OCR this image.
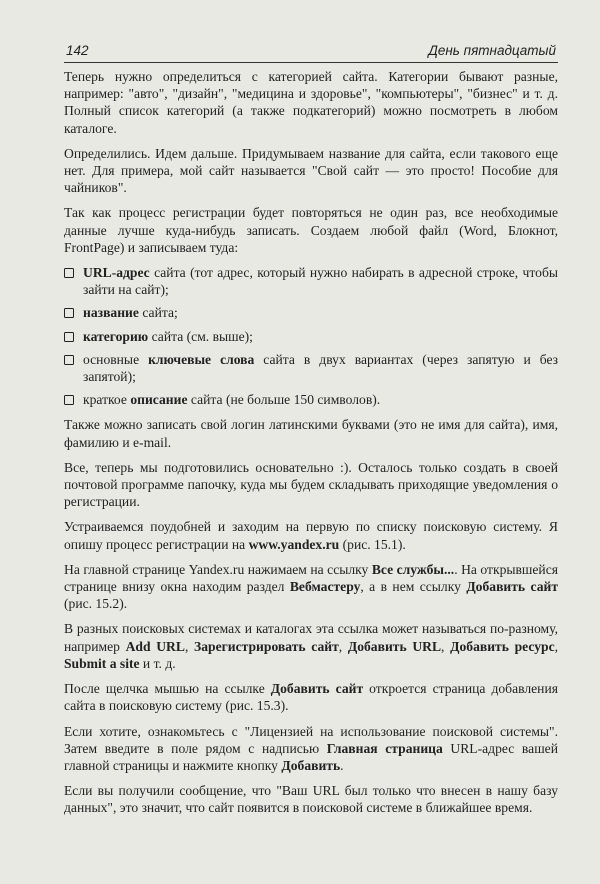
142	День пятнадцатый

Теперь нужно определиться с категорией сайта. Категории бывают разные, например: "авто", "дизайн", "медицина и здоровье", "компьютеры", "бизнес" и т. д. Полный список категорий (а также подкатегорий) можно посмотреть в любом каталоге.

Определились. Идем дальше. Придумываем название для сайта, если такового еще нет. Для примера, мой сайт называется "Свой сайт — это просто! Пособие для чайников".

Так как процесс регистрации будет повторяться не один раз, все необходимые данные лучше куда-нибудь записать. Создаем любой файл (Word, Блокнот, FrontPage) и записываем туда:

URL-адрес сайта (тот адрес, который нужно набирать в адресной строке, чтобы зайти на сайт);
название сайта;
категорию сайта (см. выше);
основные ключевые слова сайта в двух вариантах (через запятую и без запятой);
краткое описание сайта (не больше 150 символов).

Также можно записать свой логин латинскими буквами (это не имя для сайта), имя, фамилию и e-mail.

Все, теперь мы подготовились основательно :). Осталось только создать в своей почтовой программе папочку, куда мы будем складывать приходящие уведомления о регистрации.

Устраиваемся поудобней и заходим на первую по списку поисковую систему. Я опишу процесс регистрации на www.yandex.ru (рис. 15.1).

На главной странице Yandex.ru нажимаем на ссылку Все службы.... На открывшейся странице внизу окна находим раздел Вебмастеру, а в нем ссылку Добавить сайт (рис. 15.2).

В разных поисковых системах и каталогах эта ссылка может называться по-разному, например Add URL, Зарегистрировать сайт, Добавить URL, Добавить ресурс, Submit a site и т. д.

После щелчка мышью на ссылке Добавить сайт откроется страница добавления сайта в поисковую систему (рис. 15.3).

Если хотите, ознакомьтесь с "Лицензией на использование поисковой системы". Затем введите в поле рядом с надписью Главная страница URL-адрес вашей главной страницы и нажмите кнопку Добавить.

Если вы получили сообщение, что "Ваш URL был только что внесен в нашу базу данных", это значит, что сайт появится в поисковой системе в ближайшее время.
